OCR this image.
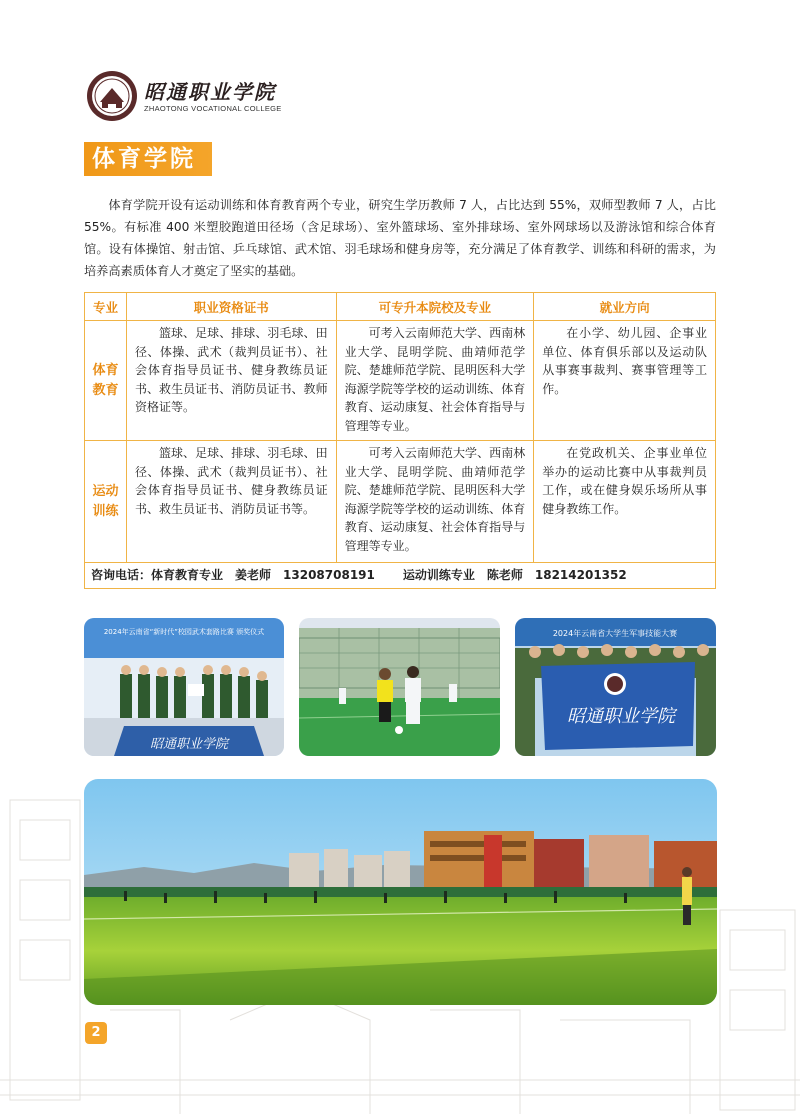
昭通职业学院
ZHAOTONG VOCATIONAL COLLEGE
体育学院
体育学院开设有运动训练和体育教育两个专业，研究生学历教师 7 人，占比达到 55%，双师型教师 7 人，占比 55%。有标准 400 米塑胶跑道田径场（含足球场）、室外篮球场、室外排球场、室外网球场以及游泳馆和综合体育馆。设有体操馆、射击馆、乒乓球馆、武术馆、羽毛球场和健身房等，充分满足了体育教学、训练和科研的需求，为培养高素质体育人才奠定了坚实的基础。
专业	职业资格证书	可专升本院校及专业	就业方向
体育教育	篮球、足球、排球、羽毛球、田径、体操、武术（裁判员证书）、社会体育指导员证书、健身教练员证书、救生员证书、消防员证书、教师资格证等。	可考入云南师范大学、西南林业大学、昆明学院、曲靖师范学院、楚雄师范学院、昆明医科大学海源学院等学校的运动训练、体育教育、运动康复、社会体育指导与管理等专业。	在小学、幼儿园、企事业单位、体育俱乐部以及运动队从事赛事裁判、赛事管理等工作。
运动训练	篮球、足球、排球、羽毛球、田径、体操、武术（裁判员证书）、社会体育指导员证书、健身教练员证书、救生员证书、消防员证书等。	可考入云南师范大学、西南林业大学、昆明学院、曲靖师范学院、楚雄师范学院、昆明医科大学海源学院等学校的运动训练、体育教育、运动康复、社会体育指导与管理等专业。	在党政机关、企事业单位举办的运动比赛中从事裁判员工作，或在健身娱乐场所从事健身教练工作。
咨询电话：体育教育专业　姜老师　13208708191 运动训练专业　陈老师　18214201352			
2024年云南省“新时代”校园武术套路比赛 颁奖仪式
昭通职业学院
2024年云南省大学生军事技能大赛
昭通职业学院
2
